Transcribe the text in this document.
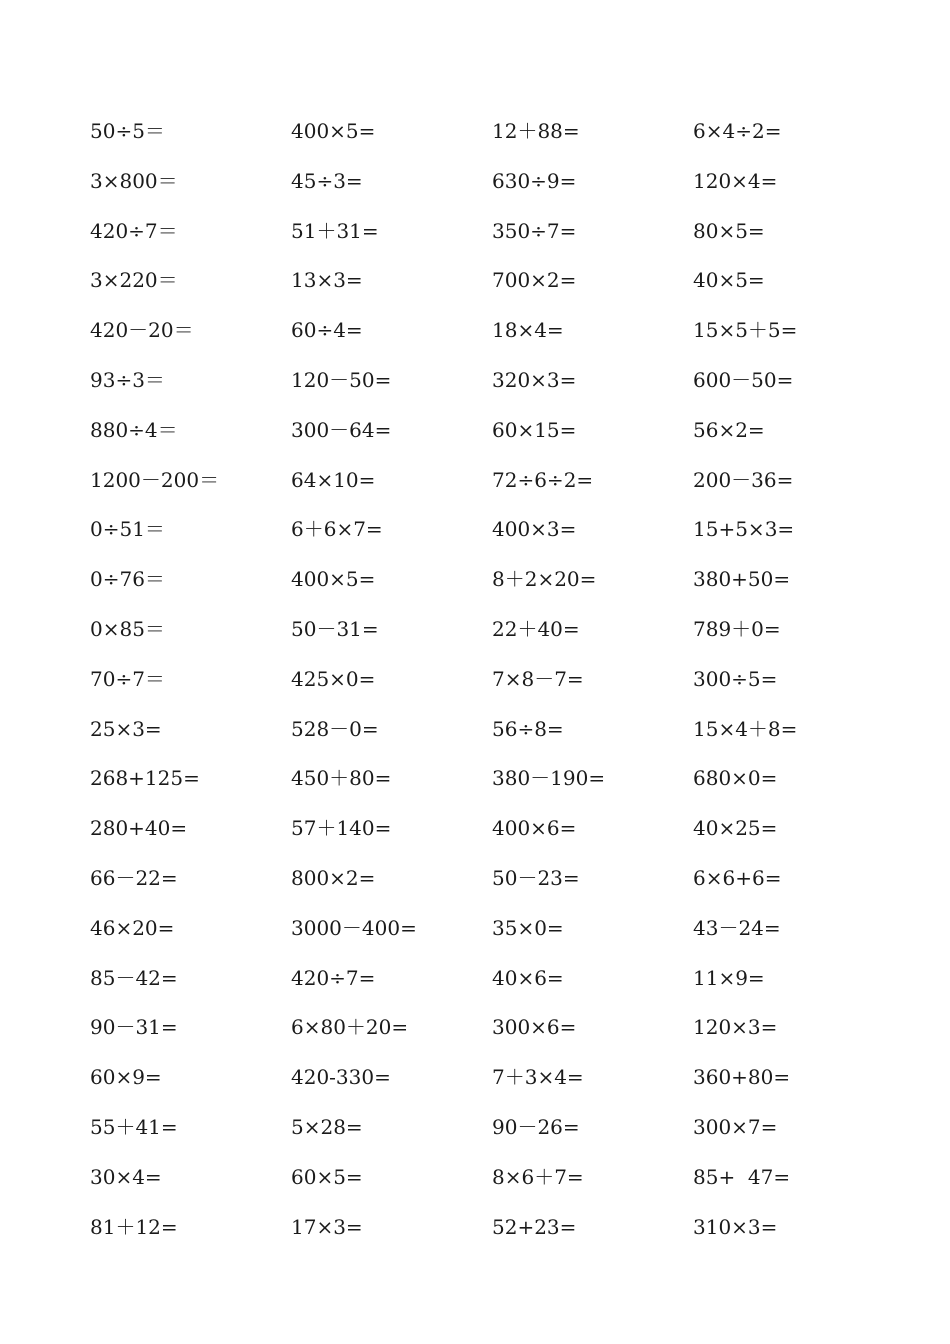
50÷5＝
3×800＝
420÷7＝
3×220＝
420－20＝
93÷3＝
880÷4＝
1200－200＝
0÷51＝
0÷76＝
0×85＝
70÷7＝
25×3=
268+125=
280+40=
66－22=
46×20=
85－42=
90－31=
60×9=
55＋41=
30×4=
81＋12=
400×5=
45÷3=
51＋31=
13×3=
60÷4=
120－50=
300－64=
64×10=
6＋6×7=
400×5=
50－31=
425×0=
528－0=
450＋80=
57＋140=
800×2=
3000－400=
420÷7=
6×80＋20=
420-330=
5×28=
60×5=
17×3=
12＋88=
630÷9=
350÷7=
700×2=
18×4=
320×3=
60×15=
72÷6÷2=
400×3=
8＋2×20=
22＋40=
7×8－7=
56÷8=
380－190=
400×6=
50－23=
35×0=
40×6=
300×6=
7＋3×4=
90－26=
8×6＋7=
52+23=
6×4÷2=
120×4=
80×5=
40×5=
15×5＋5=
600－50=
56×2=
200－36=
15+5×3=
380+50=
789＋0=
300÷5=
15×4＋8=
680×0=
40×25=
6×6+6=
43－24=
11×9=
120×3=
360+80=
300×7=
85+  47=
310×3=
